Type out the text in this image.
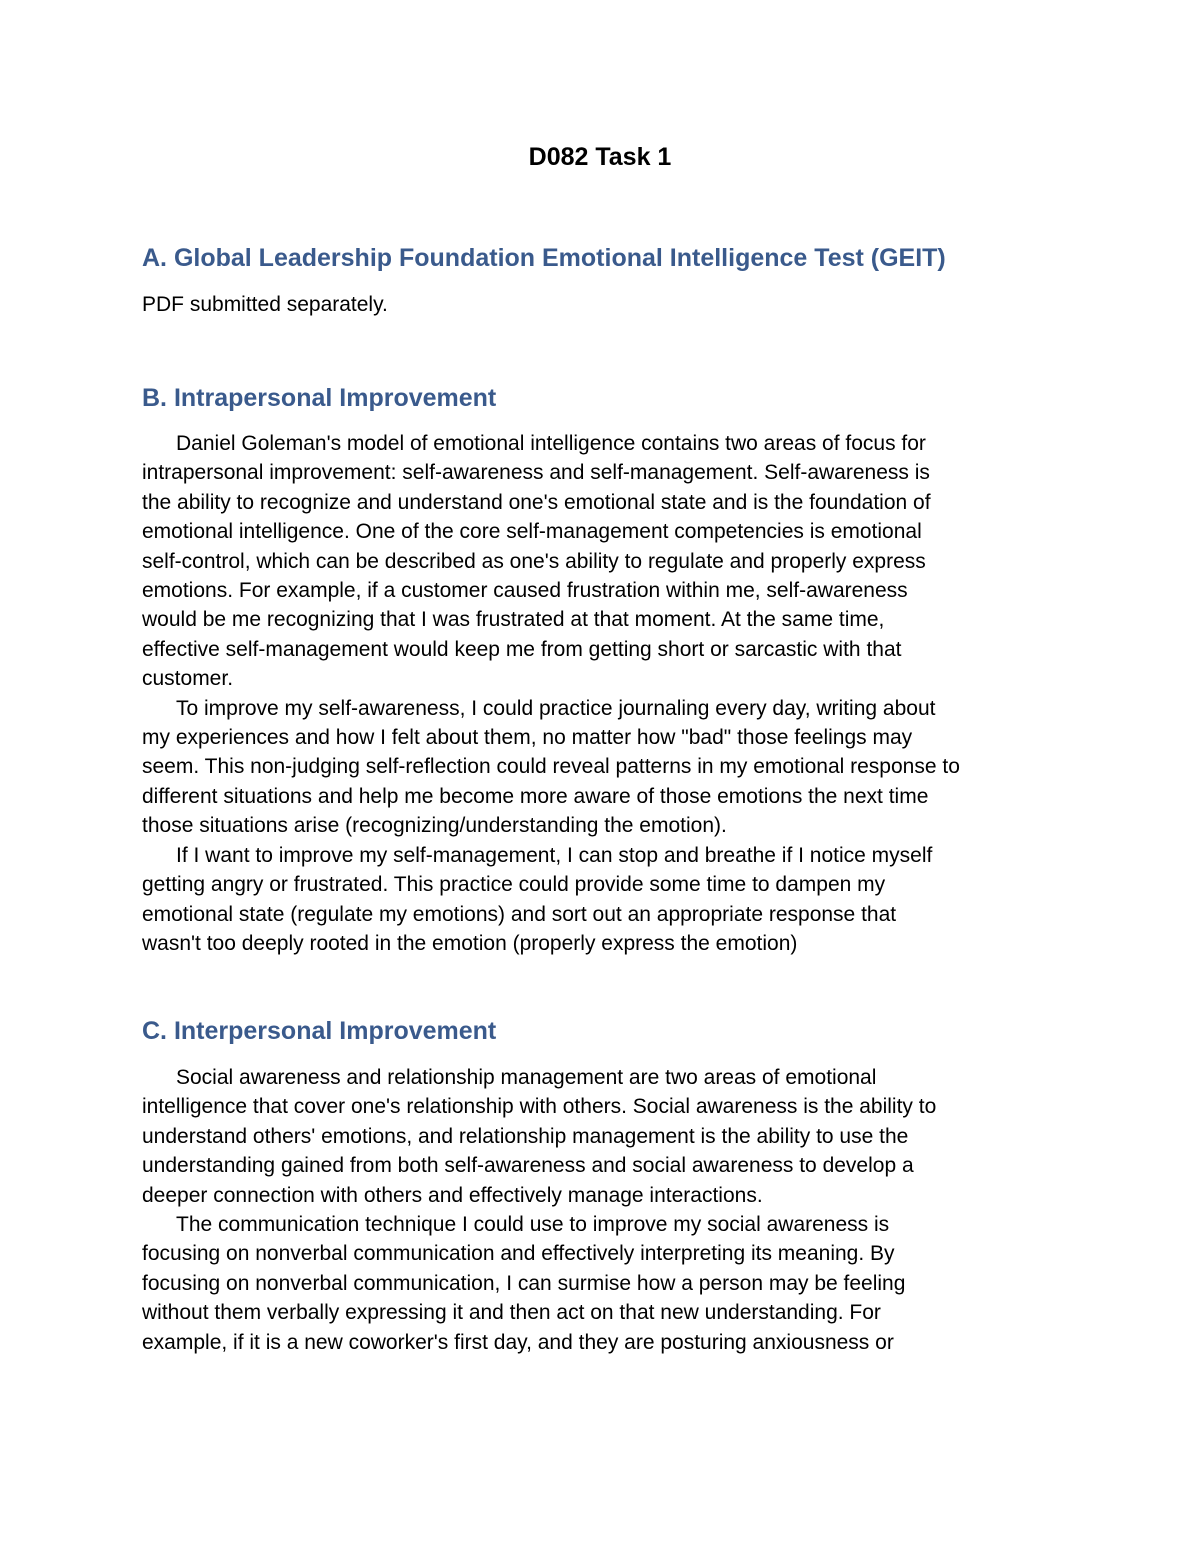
D082 Task 1
A. Global Leadership Foundation Emotional Intelligence Test (GEIT)

PDF submitted separately.

B. Intrapersonal Improvement

Daniel Goleman's model of emotional intelligence contains two areas of focus for
intrapersonal improvement: self-awareness and self-management. Self-awareness is
the ability to recognize and understand one's emotional state and is the foundation of
emotional intelligence. One of the core self-management competencies is emotional
self-control, which can be described as one's ability to regulate and properly express
emotions. For example, if a customer caused frustration within me, self-awareness
would be me recognizing that I was frustrated at that moment. At the same time,
effective self-management would keep me from getting short or sarcastic with that
customer.

To improve my self-awareness, I could practice journaling every day, writing about
my experiences and how I felt about them, no matter how "bad" those feelings may
seem. This non-judging self-reflection could reveal patterns in my emotional response to
different situations and help me become more aware of those emotions the next time
those situations arise (recognizing/understanding the emotion).

If I want to improve my self-management, I can stop and breathe if I notice myself
getting angry or frustrated. This practice could provide some time to dampen my
emotional state (regulate my emotions) and sort out an appropriate response that
wasn't too deeply rooted in the emotion (properly express the emotion)

C. Interpersonal Improvement

Social awareness and relationship management are two areas of emotional
intelligence that cover one's relationship with others. Social awareness is the ability to
understand others' emotions, and relationship management is the ability to use the
understanding gained from both self-awareness and social awareness to develop a
deeper connection with others and effectively manage interactions.

The communication technique I could use to improve my social awareness is
focusing on nonverbal communication and effectively interpreting its meaning. By
focusing on nonverbal communication, I can surmise how a person may be feeling
without them verbally expressing it and then act on that new understanding. For
example, if it is a new coworker's first day, and they are posturing anxiousness or
